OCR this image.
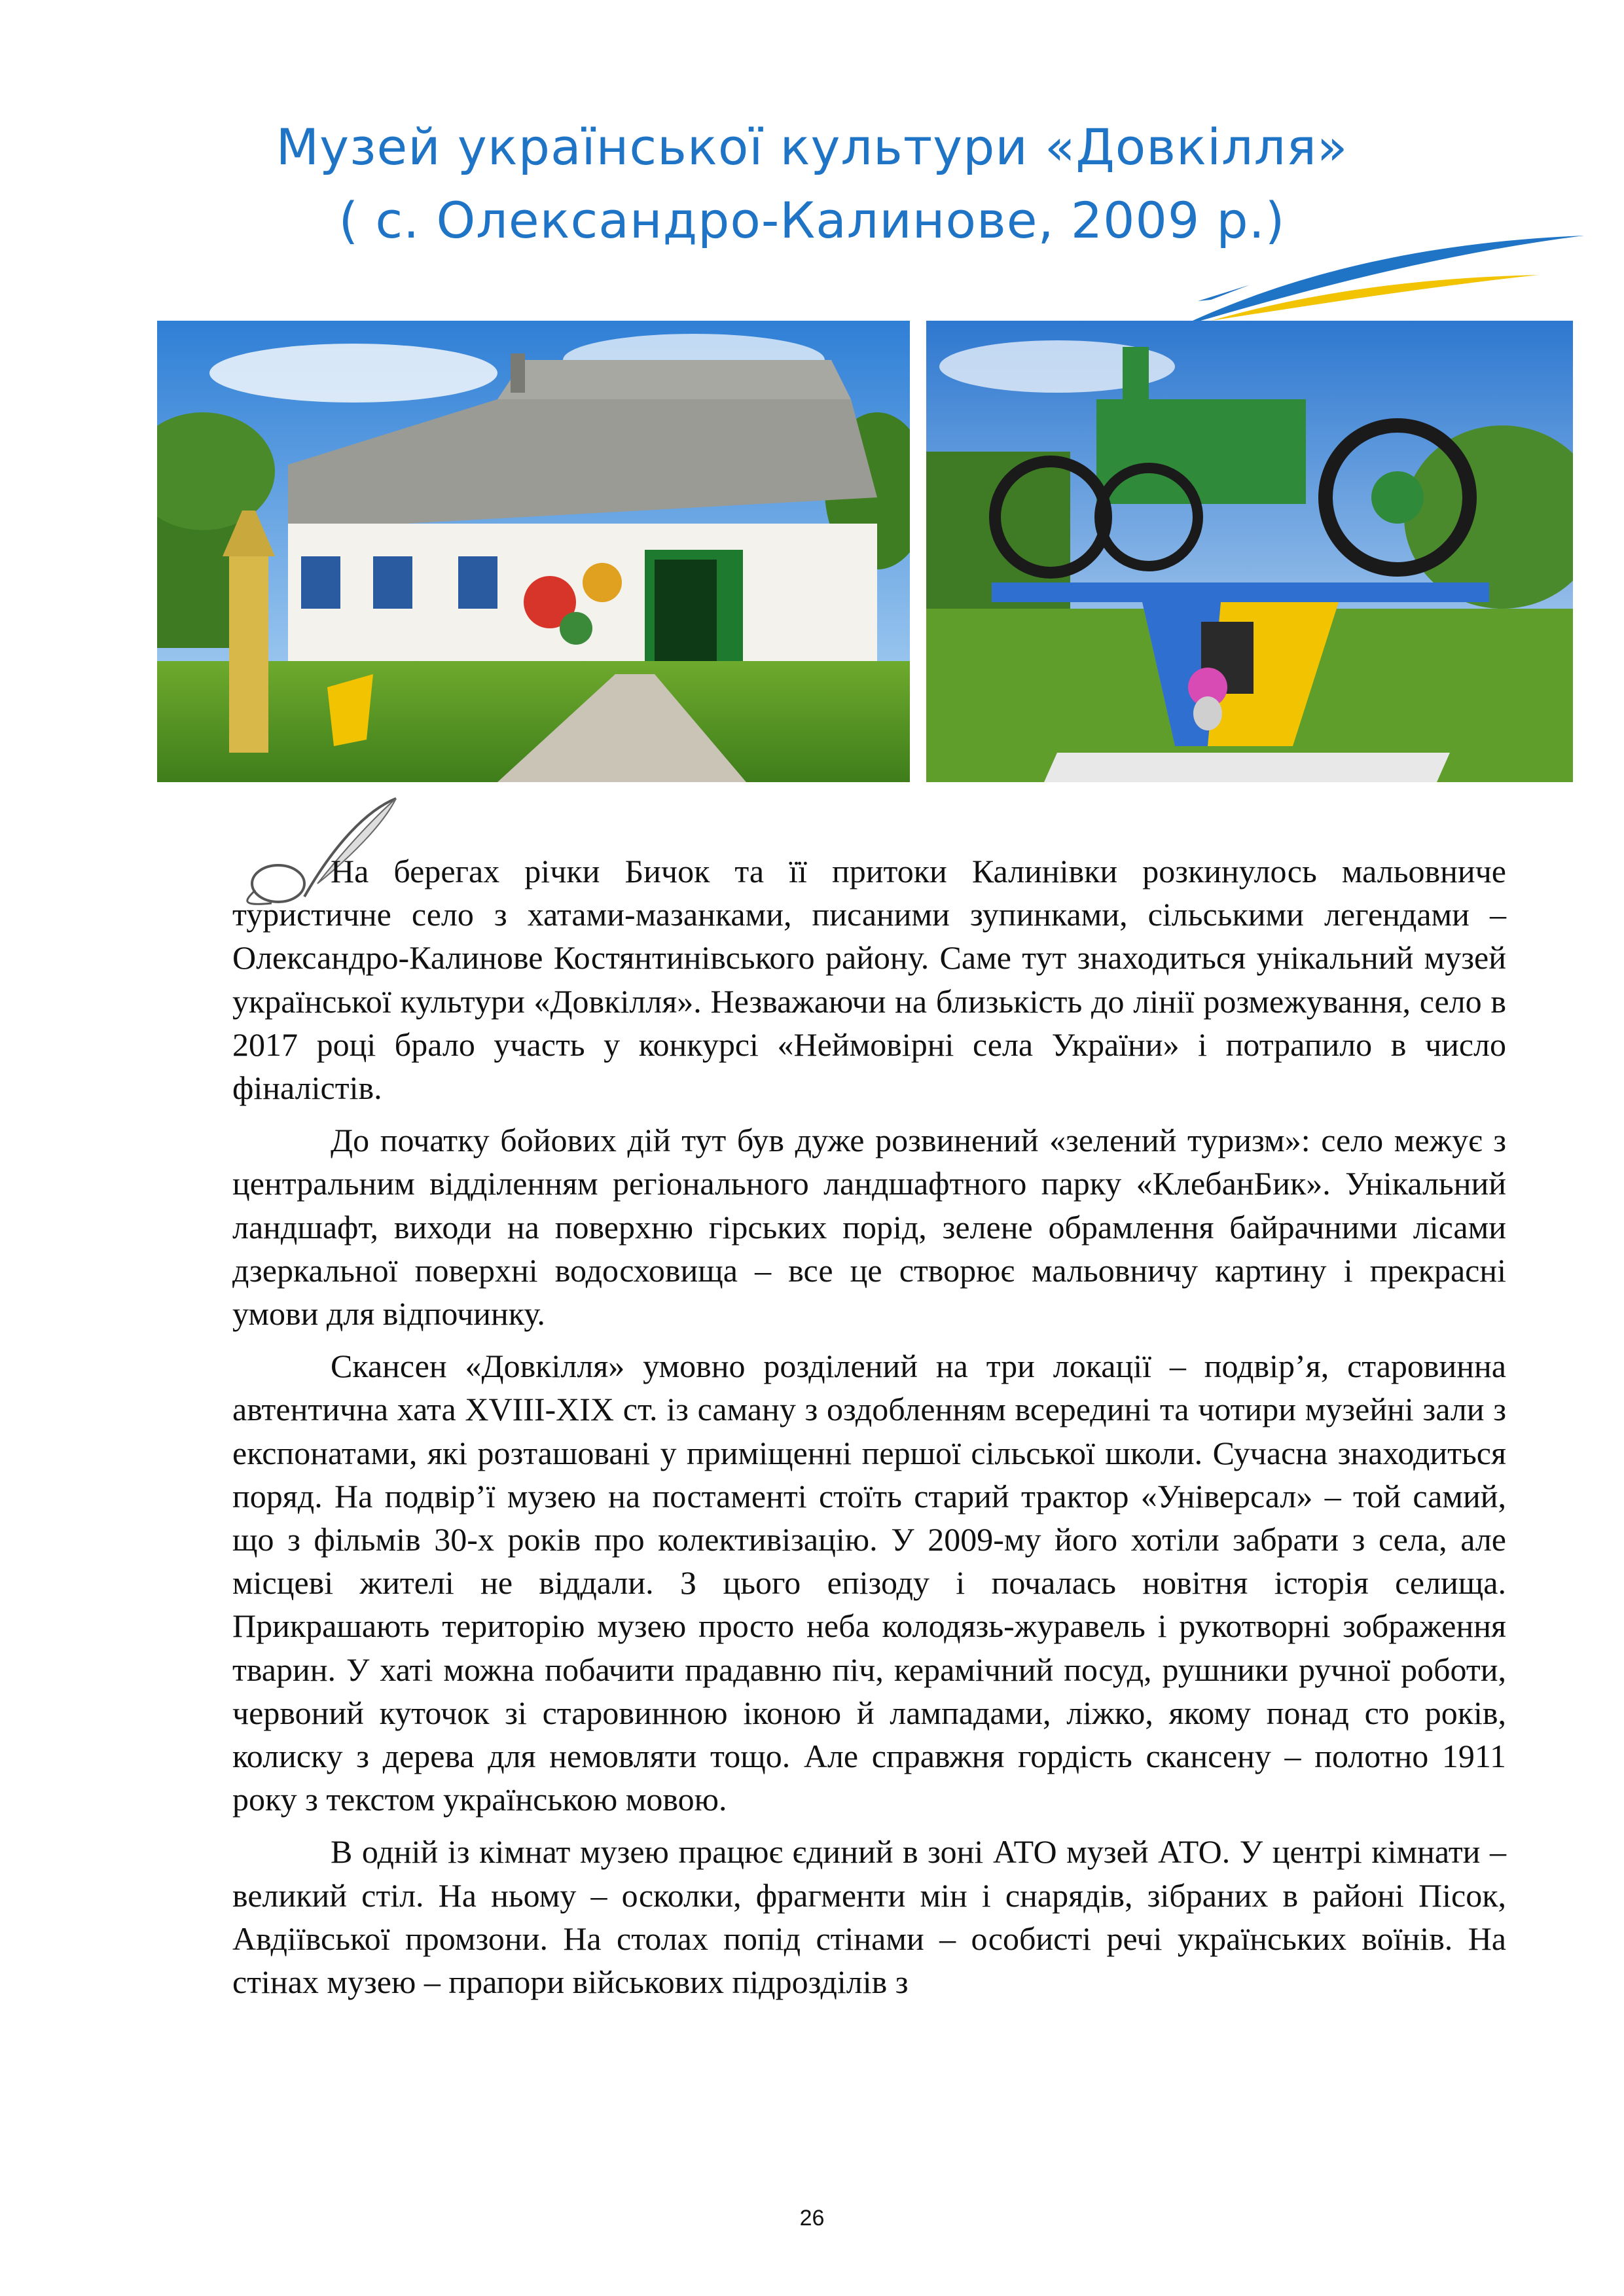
Музей української культури «Довкілля»
( с. Олександро-Калинове, 2009 р.)

На берегах річки Бичок та її притоки Калинівки розкинулось мальовниче туристичне село з хатами-мазанками, писаними зупинками, сільськими легендами – Олександро-Калинове Костянтинівського району. Саме тут знаходиться унікальний музей української культури «Довкілля». Незважаючи на близькість до лінії розмежування, село в 2017 році брало участь у конкурсі «Неймовірні села України» і потрапило в число фіналістів.

До початку бойових дій тут був дуже розвинений «зелений туризм»: село межує з центральним відділенням регіонального ландшафтного парку «КлебанБик». Унікальний ландшафт, виходи на поверхню гірських порід, зелене обрамлення байрачними лісами дзеркальної поверхні водосховища – все це створює мальовничу картину і прекрасні умови для відпочинку.

Скансен «Довкілля» умовно розділений на три локації – подвір’я, старовинна автентична хата XVIII-XIX ст. із саману з оздобленням всередині та чотири музейні зали з експонатами, які розташовані у приміщенні першої сільської школи. Сучасна знаходиться поряд. На подвір’ї музею на постаменті стоїть старий трактор «Універсал» – той самий, що з фільмів 30-х років про колективізацію. У 2009-му його хотіли забрати з села, але місцеві жителі не віддали. З цього епізоду і почалась новітня історія селища. Прикрашають територію музею просто неба колодязь-журавель і рукотворні зображення тварин. У хаті можна побачити прадавню піч, керамічний посуд, рушники ручної роботи, червоний куточок зі старовинною іконою й лампадами, ліжко, якому понад сто років, колиску з дерева для немовляти тощо. Але справжня гордість скансену – полотно 1911 року з текстом українською мовою.

В одній із кімнат музею працює єдиний в зоні АТО музей АТО. У центрі кімнати – великий стіл. На ньому – осколки, фрагменти мін і снарядів, зібраних в районі Пісок, Авдіївської промзони. На столах попід стінами – особисті речі українських воїнів. На стінах музею – прапори військових підрозділів з

26
